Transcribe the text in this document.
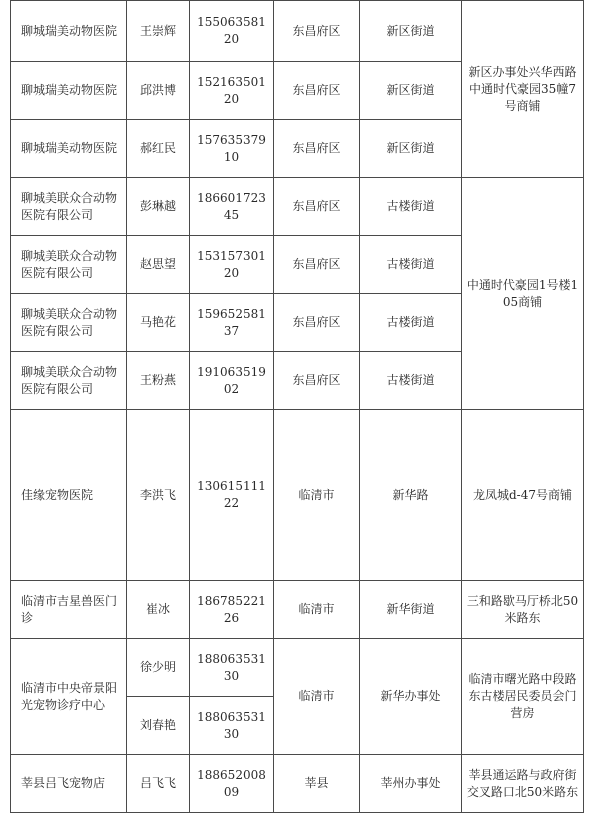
聊城瑞美动物医院	王崇辉	15506358120	东昌府区	新区街道	新区办事处兴华西路中通时代豪园35幢7号商铺
聊城瑞美动物医院	邱洪博	15216350120	东昌府区	新区街道	
聊城瑞美动物医院	郝红民	15763537910	东昌府区	新区街道	
聊城美联众合动物医院有限公司	彭琳越	18660172345	东昌府区	古楼街道	中通时代豪园1号楼105商铺
聊城美联众合动物医院有限公司	赵思望	15315730120	东昌府区	古楼街道	
聊城美联众合动物医院有限公司	马艳花	15965258137	东昌府区	古楼街道	
聊城美联众合动物医院有限公司	王粉燕	19106351902	东昌府区	古楼街道	
佳缘宠物医院	李洪飞	13061511122	临清市	新华路	龙凤城d-47号商铺
临清市吉星兽医门诊	崔冰	18678522126	临清市	新华街道	三和路歇马厅桥北50米路东
临清市中央帝景阳光宠物诊疗中心	徐少明	18806353130	临清市	新华办事处	临清市曙光路中段路东古楼居民委员会门营房
	刘春艳	18806353130			
莘县吕飞宠物店	吕飞飞	18865200809	莘县	莘州办事处	莘县通运路与政府街交叉路口北50米路东
